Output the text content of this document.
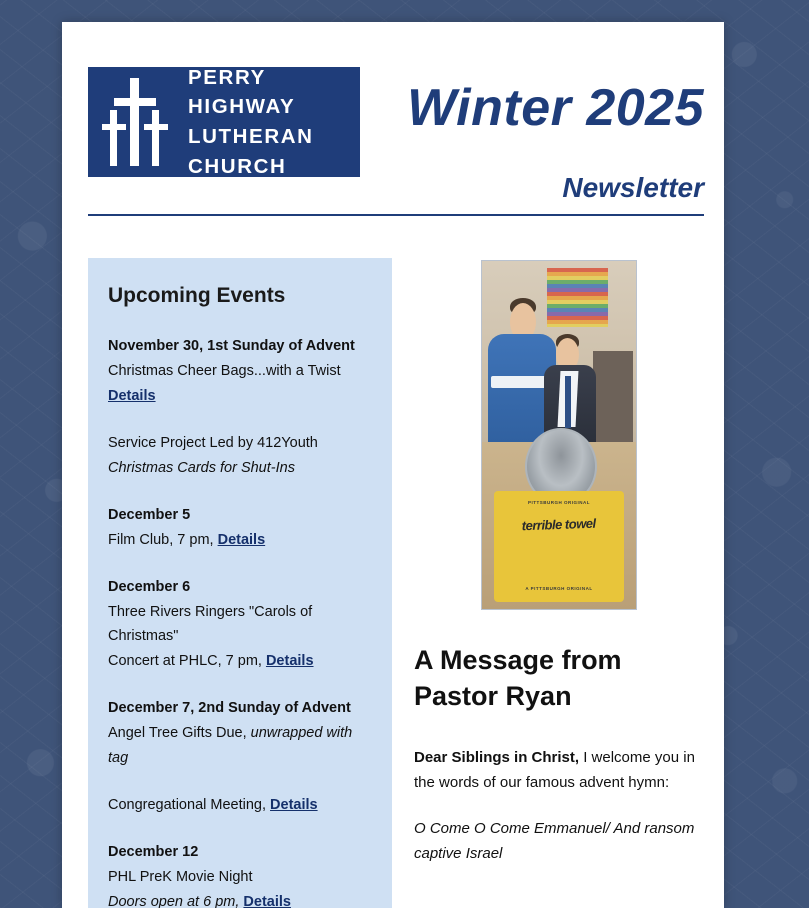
PERRY HIGHWAY
LUTHERAN CHURCH
Winter 2025
Newsletter
Upcoming Events
November 30, 1st Sunday of Advent
Christmas Cheer Bags...with a Twist
Details
Service Project Led by 412Youth
Christmas Cards for Shut-Ins
December 5
Film Club, 7 pm, Details
December 6
Three Rivers Ringers "Carols of Christmas"
Concert at PHLC, 7 pm, Details
December 7, 2nd Sunday of Advent
Angel Tree Gifts Due, unwrapped with tag
Congregational Meeting, Details
December 12
PHL PreK Movie Night
Doors open at 6 pm, Details
PITTSBURGH ORIGINAL
terrible towel
A PITTSBURGH ORIGINAL
A Message from
Pastor Ryan
Dear Siblings in Christ, I welcome you in the words of our famous advent hymn:
O Come O Come Emmanuel/ And ransom captive Israel
